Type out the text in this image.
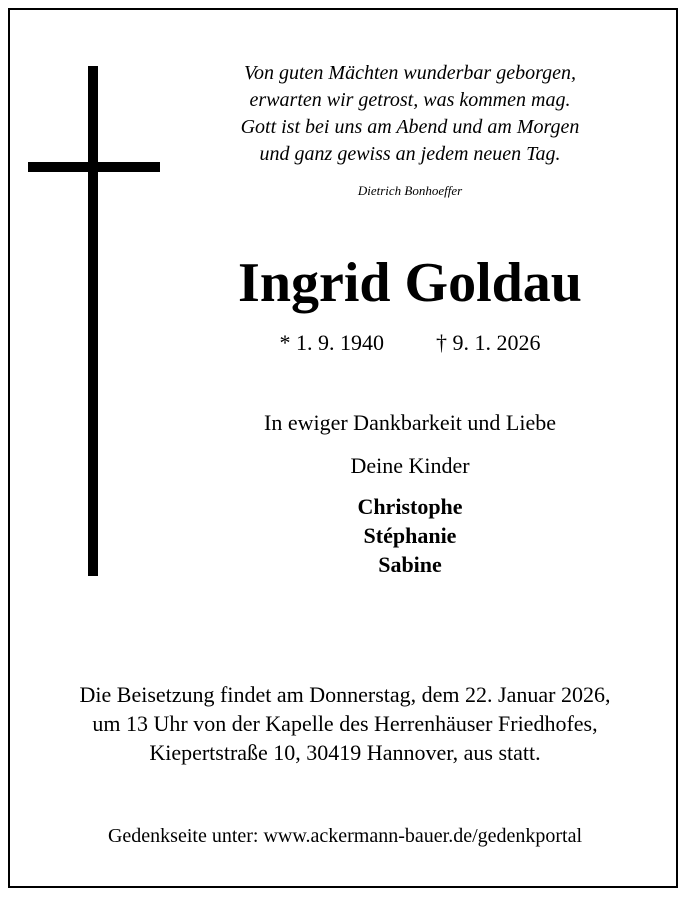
Von guten Mächten wunderbar geborgen,
erwarten wir getrost, was kommen mag.
Gott ist bei uns am Abend und am Morgen
und ganz gewiss an jedem neuen Tag.
Dietrich Bonhoeffer
Ingrid Goldau
* 1. 9. 1940 † 9. 1. 2026
In ewiger Dankbarkeit und Liebe
Deine Kinder
Christophe
Stéphanie
Sabine
Die Beisetzung findet am Donnerstag, dem 22. Januar 2026,
um 13 Uhr von der Kapelle des Herrenhäuser Friedhofes,
Kiepertstraße 10, 30419 Hannover, aus statt.
Gedenkseite unter: www.ackermann-bauer.de/gedenkportal
